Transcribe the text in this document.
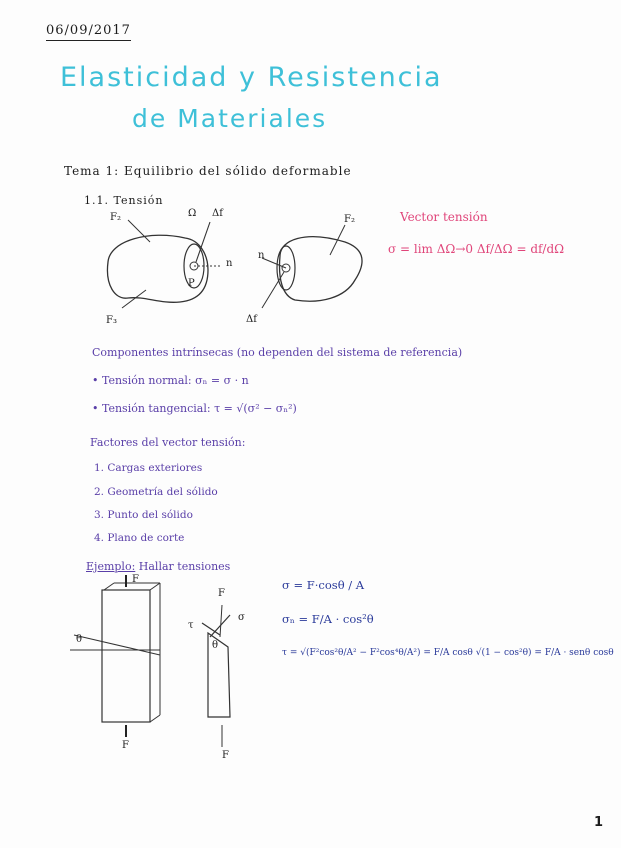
06/09/2017
Elasticidad y Resistencia
de Materiales
Tema 1: Equilibrio del sólido deformable
1.1. Tensión
F₂
F₃
Ω Δf
n
P
n
F₂
Δf
Vector tensión
σ = lim ΔΩ→0 Δf/ΔΩ = df/dΩ
Componentes intrínsecas (no dependen del sistema de referencia)
• Tensión normal: σₙ = σ · n
• Tensión tangencial: τ = √(σ² − σₙ²)
Factores del vector tensión:
1. Cargas exteriores
2. Geometría del sólido
3. Punto del sólido
4. Plano de corte
Ejemplo: Hallar tensiones
F
F
θ
F
τ
σ
θ
F
σ = F·cosθ / A
σₙ = F/A · cos²θ
τ = √(F²cos²θ/A² − F²cos⁴θ/A²) = F/A cosθ √(1 − cos²θ) = F/A · senθ cosθ
1
